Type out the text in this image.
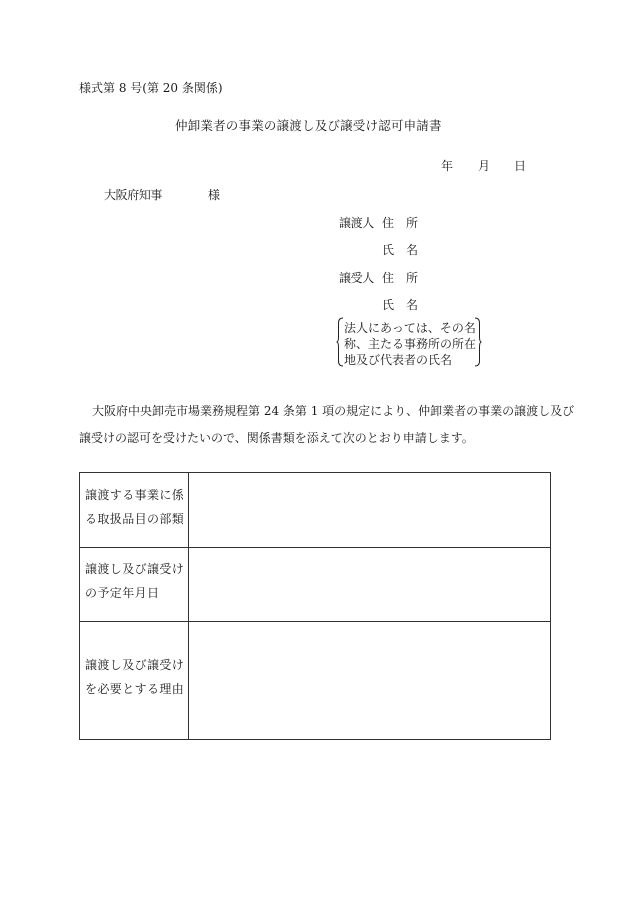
様式第 8 号(第 20 条関係)
仲卸業者の事業の譲渡し及び譲受け認可申請書
年 月 日
大阪府知事	様
譲渡人 住　所
氏　名
譲受人 住　所
氏　名
法人にあっては、その名
称、主たる事務所の所在
地及び代表者の氏名
大阪府中央卸売市場業務規程第 24 条第 1 項の規定により、仲卸業者の事業の譲渡し及び
譲受けの認可を受けたいので、関係書類を添えて次のとおり申請します。
譲渡する事業に係
る取扱品目の部類
譲渡し及び譲受け
の予定年月日
譲渡し及び譲受け
を必要とする理由
